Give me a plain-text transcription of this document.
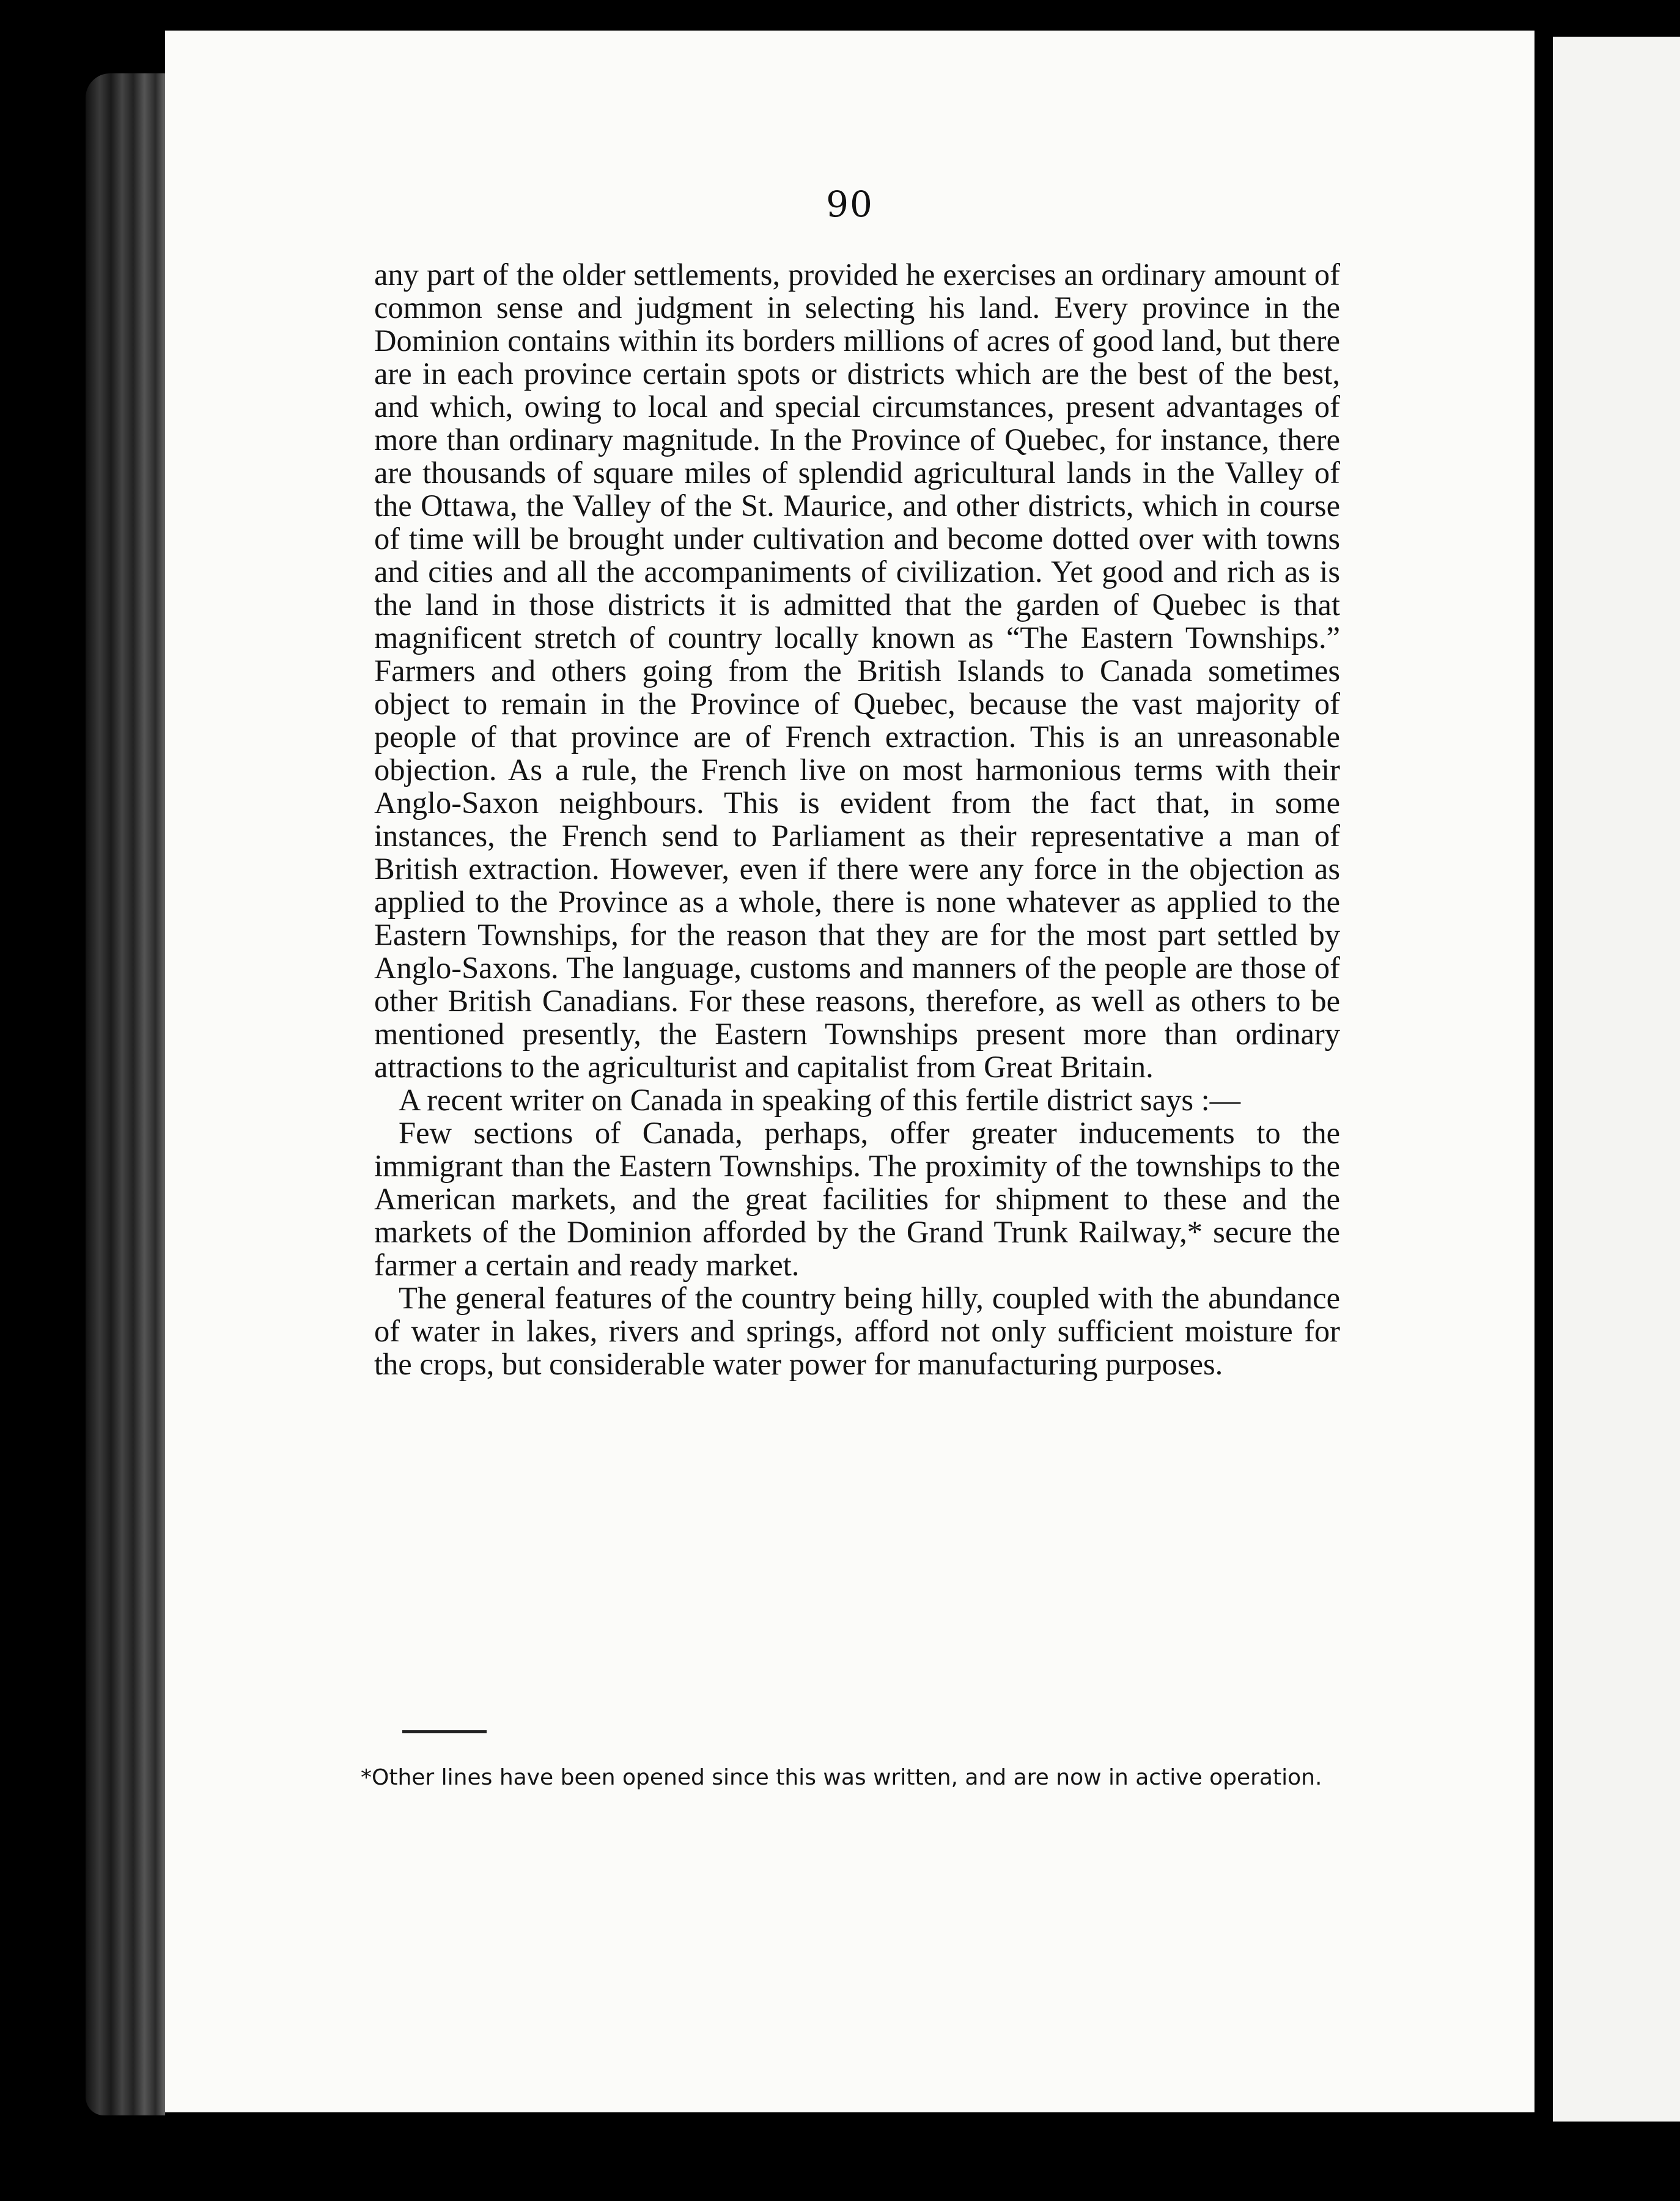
90

any part of the older settlements, provided he exercises an ordinary amount of common sense and judgment in selecting his land. Every province in the Dominion contains within its borders millions of acres of good land, but there are in each province certain spots or districts which are the best of the best, and which, owing to local and special circumstances, present advantages of more than ordinary magnitude. In the Province of Quebec, for instance, there are thousands of square miles of splendid agricultural lands in the Valley of the Ottawa, the Valley of the St. Maurice, and other districts, which in course of time will be brought under cultivation and become dotted over with towns and cities and all the accompaniments of civilization. Yet good and rich as is the land in those districts it is admitted that the garden of Quebec is that magnificent stretch of country locally known as “The Eastern Townships.” Farmers and others going from the British Islands to Canada sometimes object to remain in the Province of Quebec, because the vast majority of people of that province are of French extraction. This is an unreasonable objection. As a rule, the French live on most harmonious terms with their Anglo-Saxon neighbours. This is evident from the fact that, in some instances, the French send to Parliament as their representative a man of British extraction. However, even if there were any force in the objection as applied to the Province as a whole, there is none whatever as applied to the Eastern Townships, for the reason that they are for the most part settled by Anglo-Saxons. The language, customs and manners of the people are those of other British Canadians. For these reasons, therefore, as well as others to be mentioned presently, the Eastern Townships present more than ordinary attractions to the agriculturist and capitalist from Great Britain.

A recent writer on Canada in speaking of this fertile district says :—

Few sections of Canada, perhaps, offer greater inducements to the immigrant than the Eastern Townships. The proximity of the townships to the American markets, and the great facilities for shipment to these and the markets of the Dominion afforded by the Grand Trunk Railway,* secure the farmer a certain and ready market.

The general features of the country being hilly, coupled with the abundance of water in lakes, rivers and springs, afford not only sufficient moisture for the crops, but considerable water power for manufacturing purposes.

*Other lines have been opened since this was written, and are now in active operation.
